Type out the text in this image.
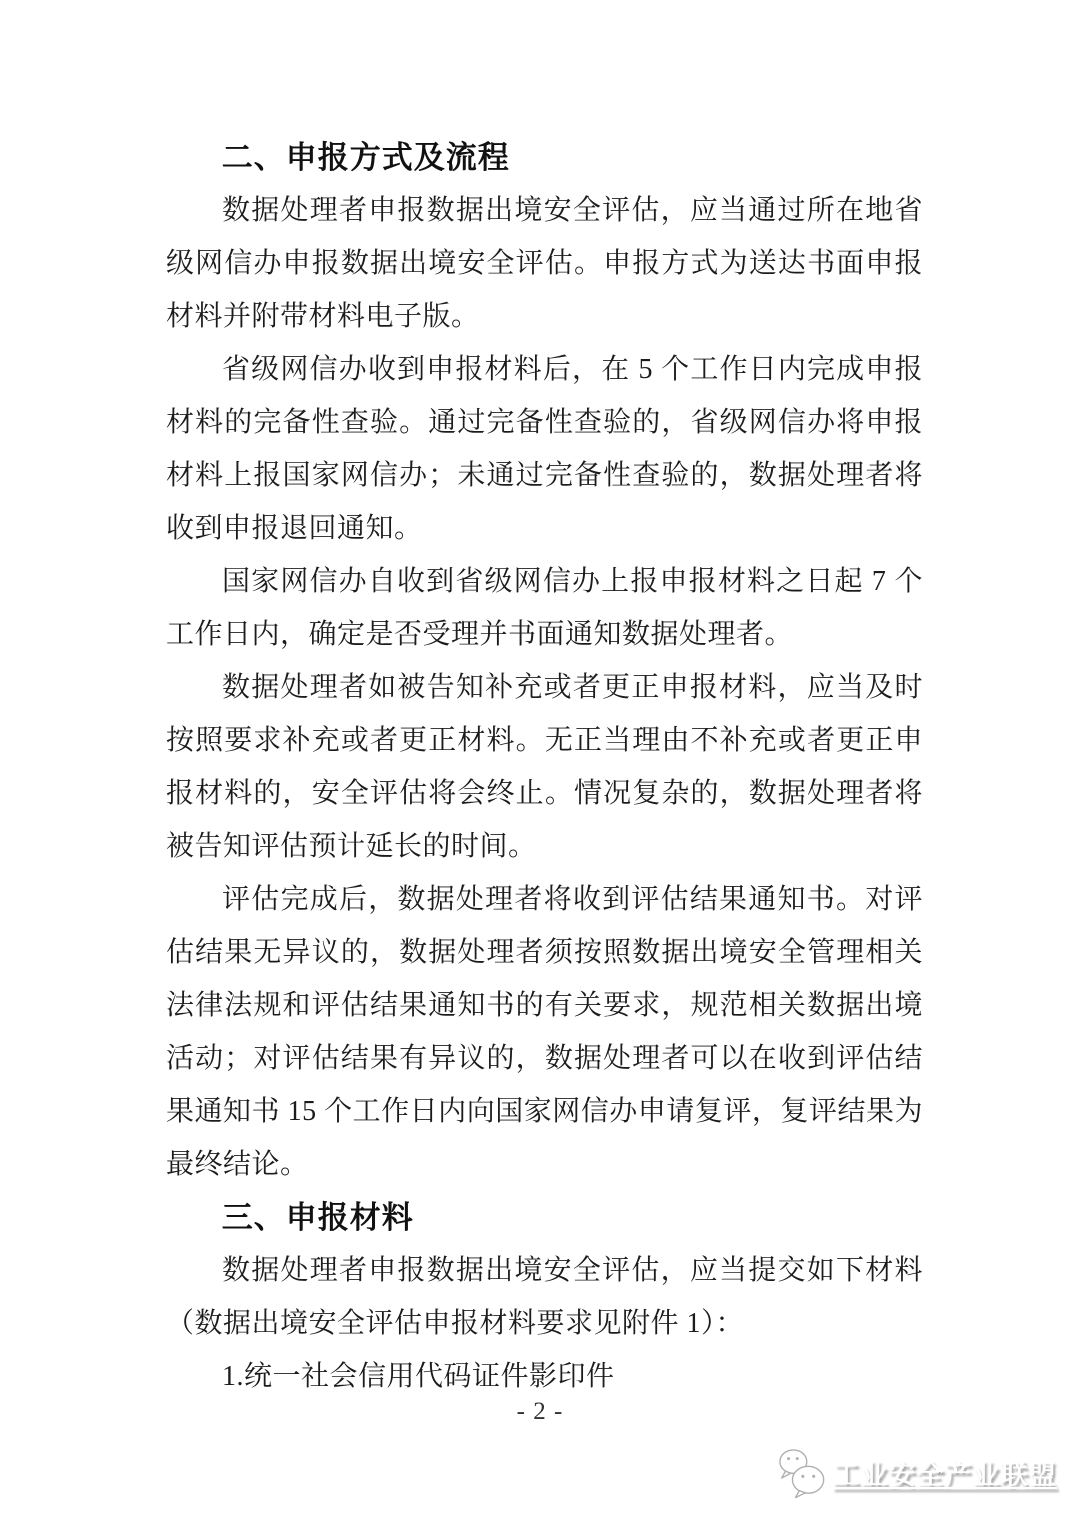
二、申报方式及流程

数据处理者申报数据出境安全评估，应当通过所在地省级网信办申报数据出境安全评估。申报方式为送达书面申报材料并附带材料电子版。

省级网信办收到申报材料后，在 5 个工作日内完成申报材料的完备性查验。通过完备性查验的，省级网信办将申报材料上报国家网信办；未通过完备性查验的，数据处理者将收到申报退回通知。

国家网信办自收到省级网信办上报申报材料之日起 7 个工作日内，确定是否受理并书面通知数据处理者。

数据处理者如被告知补充或者更正申报材料，应当及时按照要求补充或者更正材料。无正当理由不补充或者更正申报材料的，安全评估将会终止。情况复杂的，数据处理者将被告知评估预计延长的时间。

评估完成后，数据处理者将收到评估结果通知书。对评估结果无异议的，数据处理者须按照数据出境安全管理相关法律法规和评估结果通知书的有关要求，规范相关数据出境活动；对评估结果有异议的，数据处理者可以在收到评估结果通知书 15 个工作日内向国家网信办申请复评，复评结果为最终结论。

三、申报材料

数据处理者申报数据出境安全评估，应当提交如下材料（数据出境安全评估申报材料要求见附件 1）：

1.统一社会信用代码证件影印件

- 2 -
工业安全产业联盟
